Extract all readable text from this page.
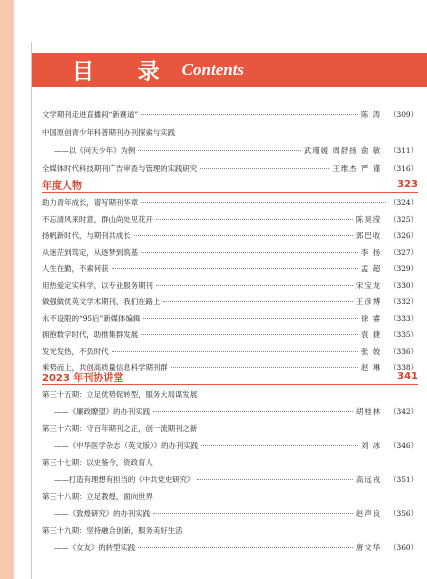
目 录 Contents
文学期刊走进直播间“新赛道”	陈 涛 （309）
中国原创青少年科普期刊办刊探索与实践
——以《问天少年》为例	武瑾媛 周舒扬 俞 敏 （311）
全媒体时代科技期刊广告审查与管理的实践研究	王维杰 严 谨 （316）
年度人物	323
助力青年成长，谱写期刊华章	（324）
不忘清风来时意，群山尚处见花开	陈昊滢 （325）
扬帆新时代，与期刊共成长	郭巴收 （326）
从迷茫到笃定，从逐梦到筑基	李 扬 （327）
人生在勤，不索何获	孟 超 （329）
用热爱定实科学，以专业服务期刊	宋宝龙 （330）
做强做优英文学术期刊，我们在路上	王彦博 （332）
永不设限的“95后”新媒体编辑	徐 睿 （333）
拥抱数字时代，助推集群发展	袁 捷 （335）
发光发热，不负时代	张 姣 （336）
乘势而上，共创高质量信息科学期刊群	赵 琳 （338）
2023 年刊协讲堂	341
第三十五期：立足优势促转型，服务大局谋发展
——《廉政瞭望》的办刊实践	胡桂林 （342）
第三十六期：守百年期刊之正，创一流期刊之新
——《中华医学杂志（英文版）》的办刊实践	刘 冰 （346）
第三十七期：以史鉴今，资政育人
——打造有理想有担当的《中共党史研究》	高远戎 （351）
第三十八期：立足教煌，面向世界
——《敦煌研究》的办刊实践	赵声良 （356）
第三十九期：坚持融合创新，服务美好生活
——《女友》的转型实践	唐文华 （360）
